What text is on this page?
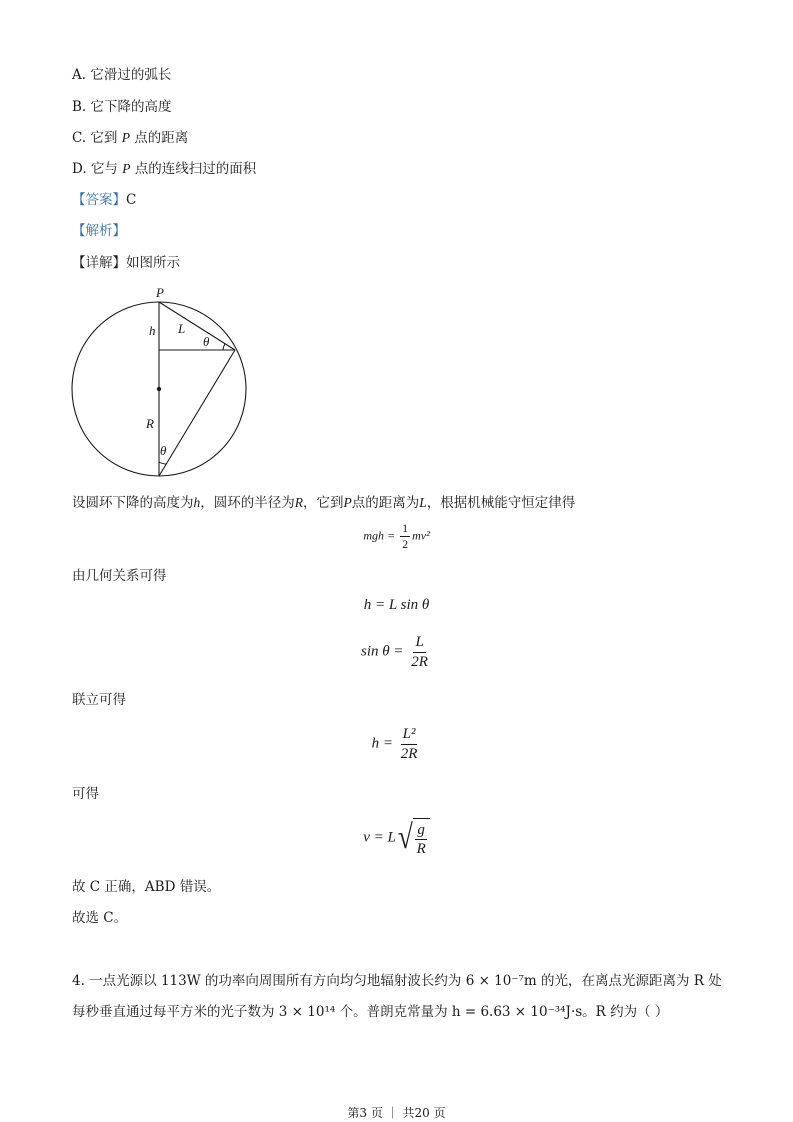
A. 它滑过的弧长
B. 它下降的高度
C. 它到 P 点的距离
D. 它与 P 点的连线扫过的面积
【答案】C
【解析】
【详解】如图所示
P
h L
θ
R
θ
设圆环下降的高度为h，圆环的半径为R，它到P点的距离为L，根据机械能守恒定律得
mgh = $\frac{1}{2} mv^2$
由几何关系可得
h = L sin θ
$\sin \theta = \frac{L}{2R}$
联立可得
$h = \frac{\text{L²}}{2R}$
可得
v = L √ $\frac{g}{R}$
故 C 正确，ABD 错误。
故选 C。
4. 一点光源以 113W 的功率向周围所有方向均匀地辐射波长约为 6 × 10⁻⁷m 的光，在离点光源距离为 R 处
每秒垂直通过每平方米的光子数为 3 × 10¹⁴ 个。普朗克常量为 h = 6.63 × 10⁻³⁴J·s。R 约为（ ）
第3 页 ｜ 共20 页
